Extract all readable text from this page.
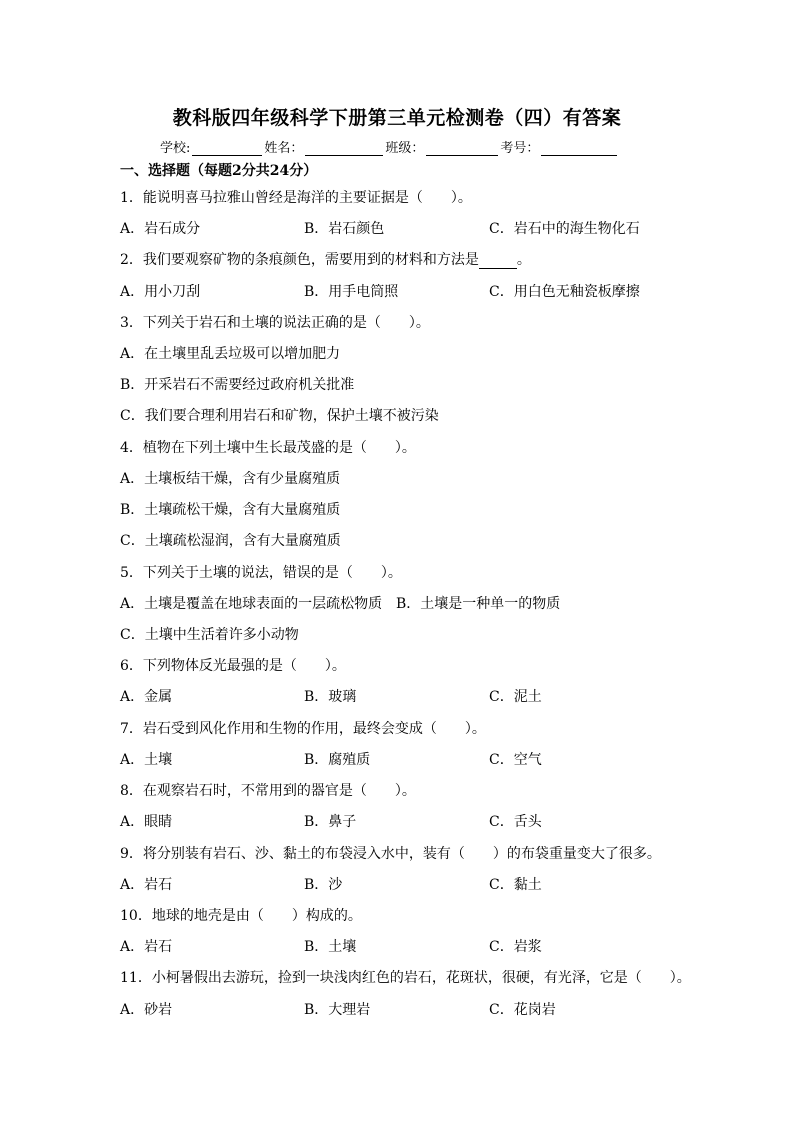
教科版四年级科学下册第三单元检测卷（四）有答案
学校:	姓名：	班级：	考号：
一、选择题（每题2分共24分）
1．能说明喜马拉雅山曾经是海洋的主要证据是（　　）。
A．岩石成分	B．岩石颜色	C．岩石中的海生物化石
2．我们要观察矿物的条痕颜色，需要用到的材料和方法是	。
A．用小刀刮	B．用手电筒照	C．用白色无釉瓷板摩擦
3．下列关于岩石和土壤的说法正确的是（　　）。
A．在土壤里乱丢垃圾可以增加肥力
B．开采岩石不需要经过政府机关批准
C．我们要合理利用岩石和矿物，保护土壤不被污染
4．植物在下列土壤中生长最茂盛的是（　　）。
A．土壤板结干燥，含有少量腐殖质
B．土壤疏松干燥，含有大量腐殖质
C．土壤疏松湿润，含有大量腐殖质
5．下列关于土壤的说法，错误的是（　　）。
A．土壤是覆盖在地球表面的一层疏松物质 B．土壤是一种单一的物质
C．土壤中生活着许多小动物
6．下列物体反光最强的是（　　）。
A．金属	B．玻璃	C．泥土
7．岩石受到风化作用和生物的作用，最终会变成（　　）。
A．土壤	B．腐殖质	C．空气
8．在观察岩石时，不常用到的器官是（　　）。
A．眼睛	B．鼻子	C．舌头
9．将分别装有岩石、沙、黏土的布袋浸入水中，装有（　　）的布袋重量变大了很多。
A．岩石	B．沙	C．黏土
10．地球的地壳是由（　　）构成的。
A．岩石	B．土壤	C．岩浆
11．小柯暑假出去游玩，捡到一块浅肉红色的岩石，花斑状，很硬，有光泽，它是（　　）。
A．砂岩	B．大理岩	C．花岗岩
